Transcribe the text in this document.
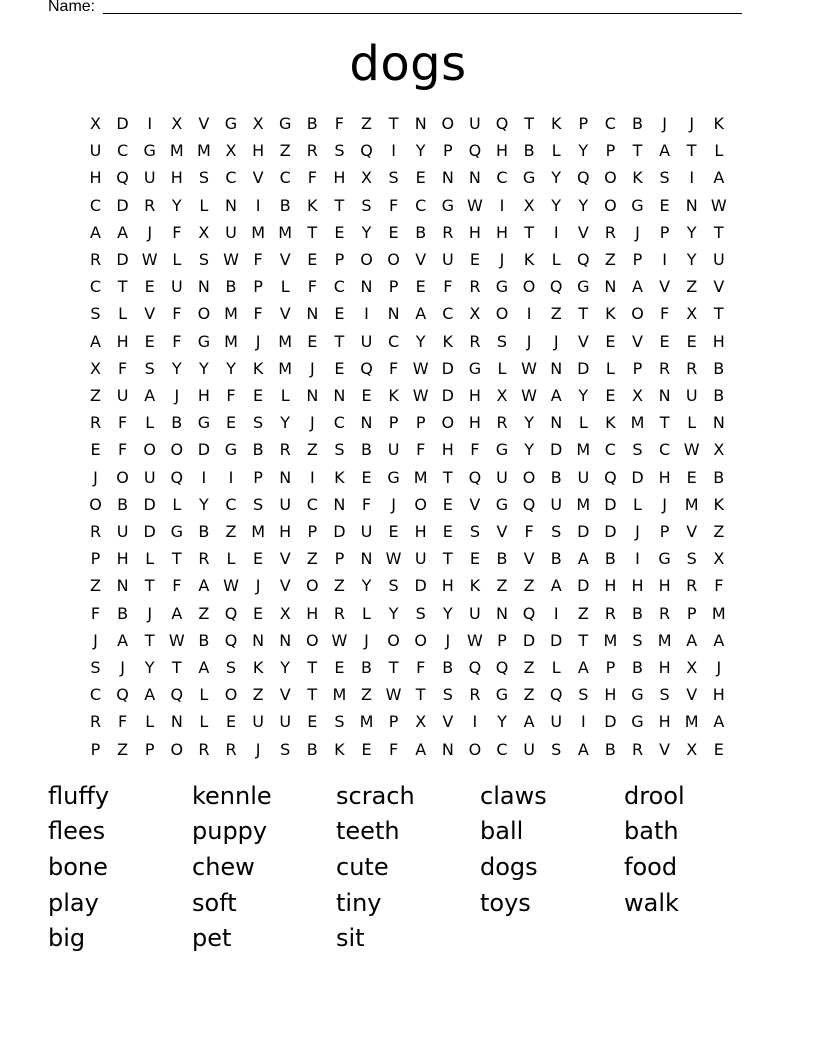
Name:
dogs
X D	I	X	V G X G B	F	Z	T	N O U Q T	K	P	C	B	J	J	K
U C G M M X H Z	R	S Q	I	Y	P Q H B	L	Y	P	T	A	T	L
H Q U H	S	C	V	C	F	H X	S	E	N N C G	Y Q O K	S	I	A
C D R	Y	L	N	I	B	K	T	S	F	C G W	I	X	Y	Y O G E	N W
A	A	J	F	X U M M T	E	Y	E	B	R H H	T	I	V	R	J	P	Y	T
R D W L	S W F	V	E	P O O V U	E	J	K	L	Q Z	P	I	Y	U
C	T	E	U N B	P	L	F	C N	P	E	F	R G O Q G N A	V	Z	V
S	L	V	F	O M F	V N	E	I	N A	C	X O	I	Z	T	K O	F	X	T
A H	E	F	G M	J	M E	T	U C	Y	K	R	S	J	J	V	E	V	E	E	H
X	F	S	Y	Y	Y	K M	J	E Q	F W D G	L W N D	L	P	R R	B
Z U A	J	H	F	E	L	N N	E	K W D H X W A	Y	E	X N U B
R	F	L	B G E	S	Y	J	C N	P	P O H R	Y	N	L	K M T	L	N
E	F	O O D G B	R	Z	S	B U	F	H	F	G	Y	D M C	S	C W X
J	O U Q	I	I	P	N	I	K	E G M T Q U O B U Q D H	E	B
O B D	L	Y	C	S	U C N	F	J	O E	V G Q U M D	L	J	M K
R U D G B	Z M H	P	D U	E	H	E	S	V	F	S D D	J	P	V	Z
P	H	L	T	R	L	E	V	Z	P	N W U	T	E	B	V	B	A	B	I	G S	X
Z N	T	F	A W	J	V O Z	Y	S D H K	Z	Z	A D H H H R	F
F	B	J	A	Z Q E	X H R	L	Y	S	Y	U N Q	I	Z	R	B	R	P M
J	A	T W B Q N N O W	J	O O	J	W P	D D	T M S M A	A
S	J	Y	T	A	S	K	Y	T	E	B	T	F	B Q Q Z	L	A	P	B H X	J
C Q A Q	L	O Z	V	T M Z W T	S	R G Z Q S	H G S	V H
R	F	L	N	L	E	U U	E	S M P	X	V	I	Y	A U	I	D G H M A
P	Z	P O R R	J	S	B	K	E	F	A N O C U	S	A	B	R	V	X	E
fluffy	kennle	scrach	claws	drool
flees	puppy	teeth	ball	bath
bone	chew	cute	dogs	food
play	soft	tiny	toys	walk
big	pet	sit
